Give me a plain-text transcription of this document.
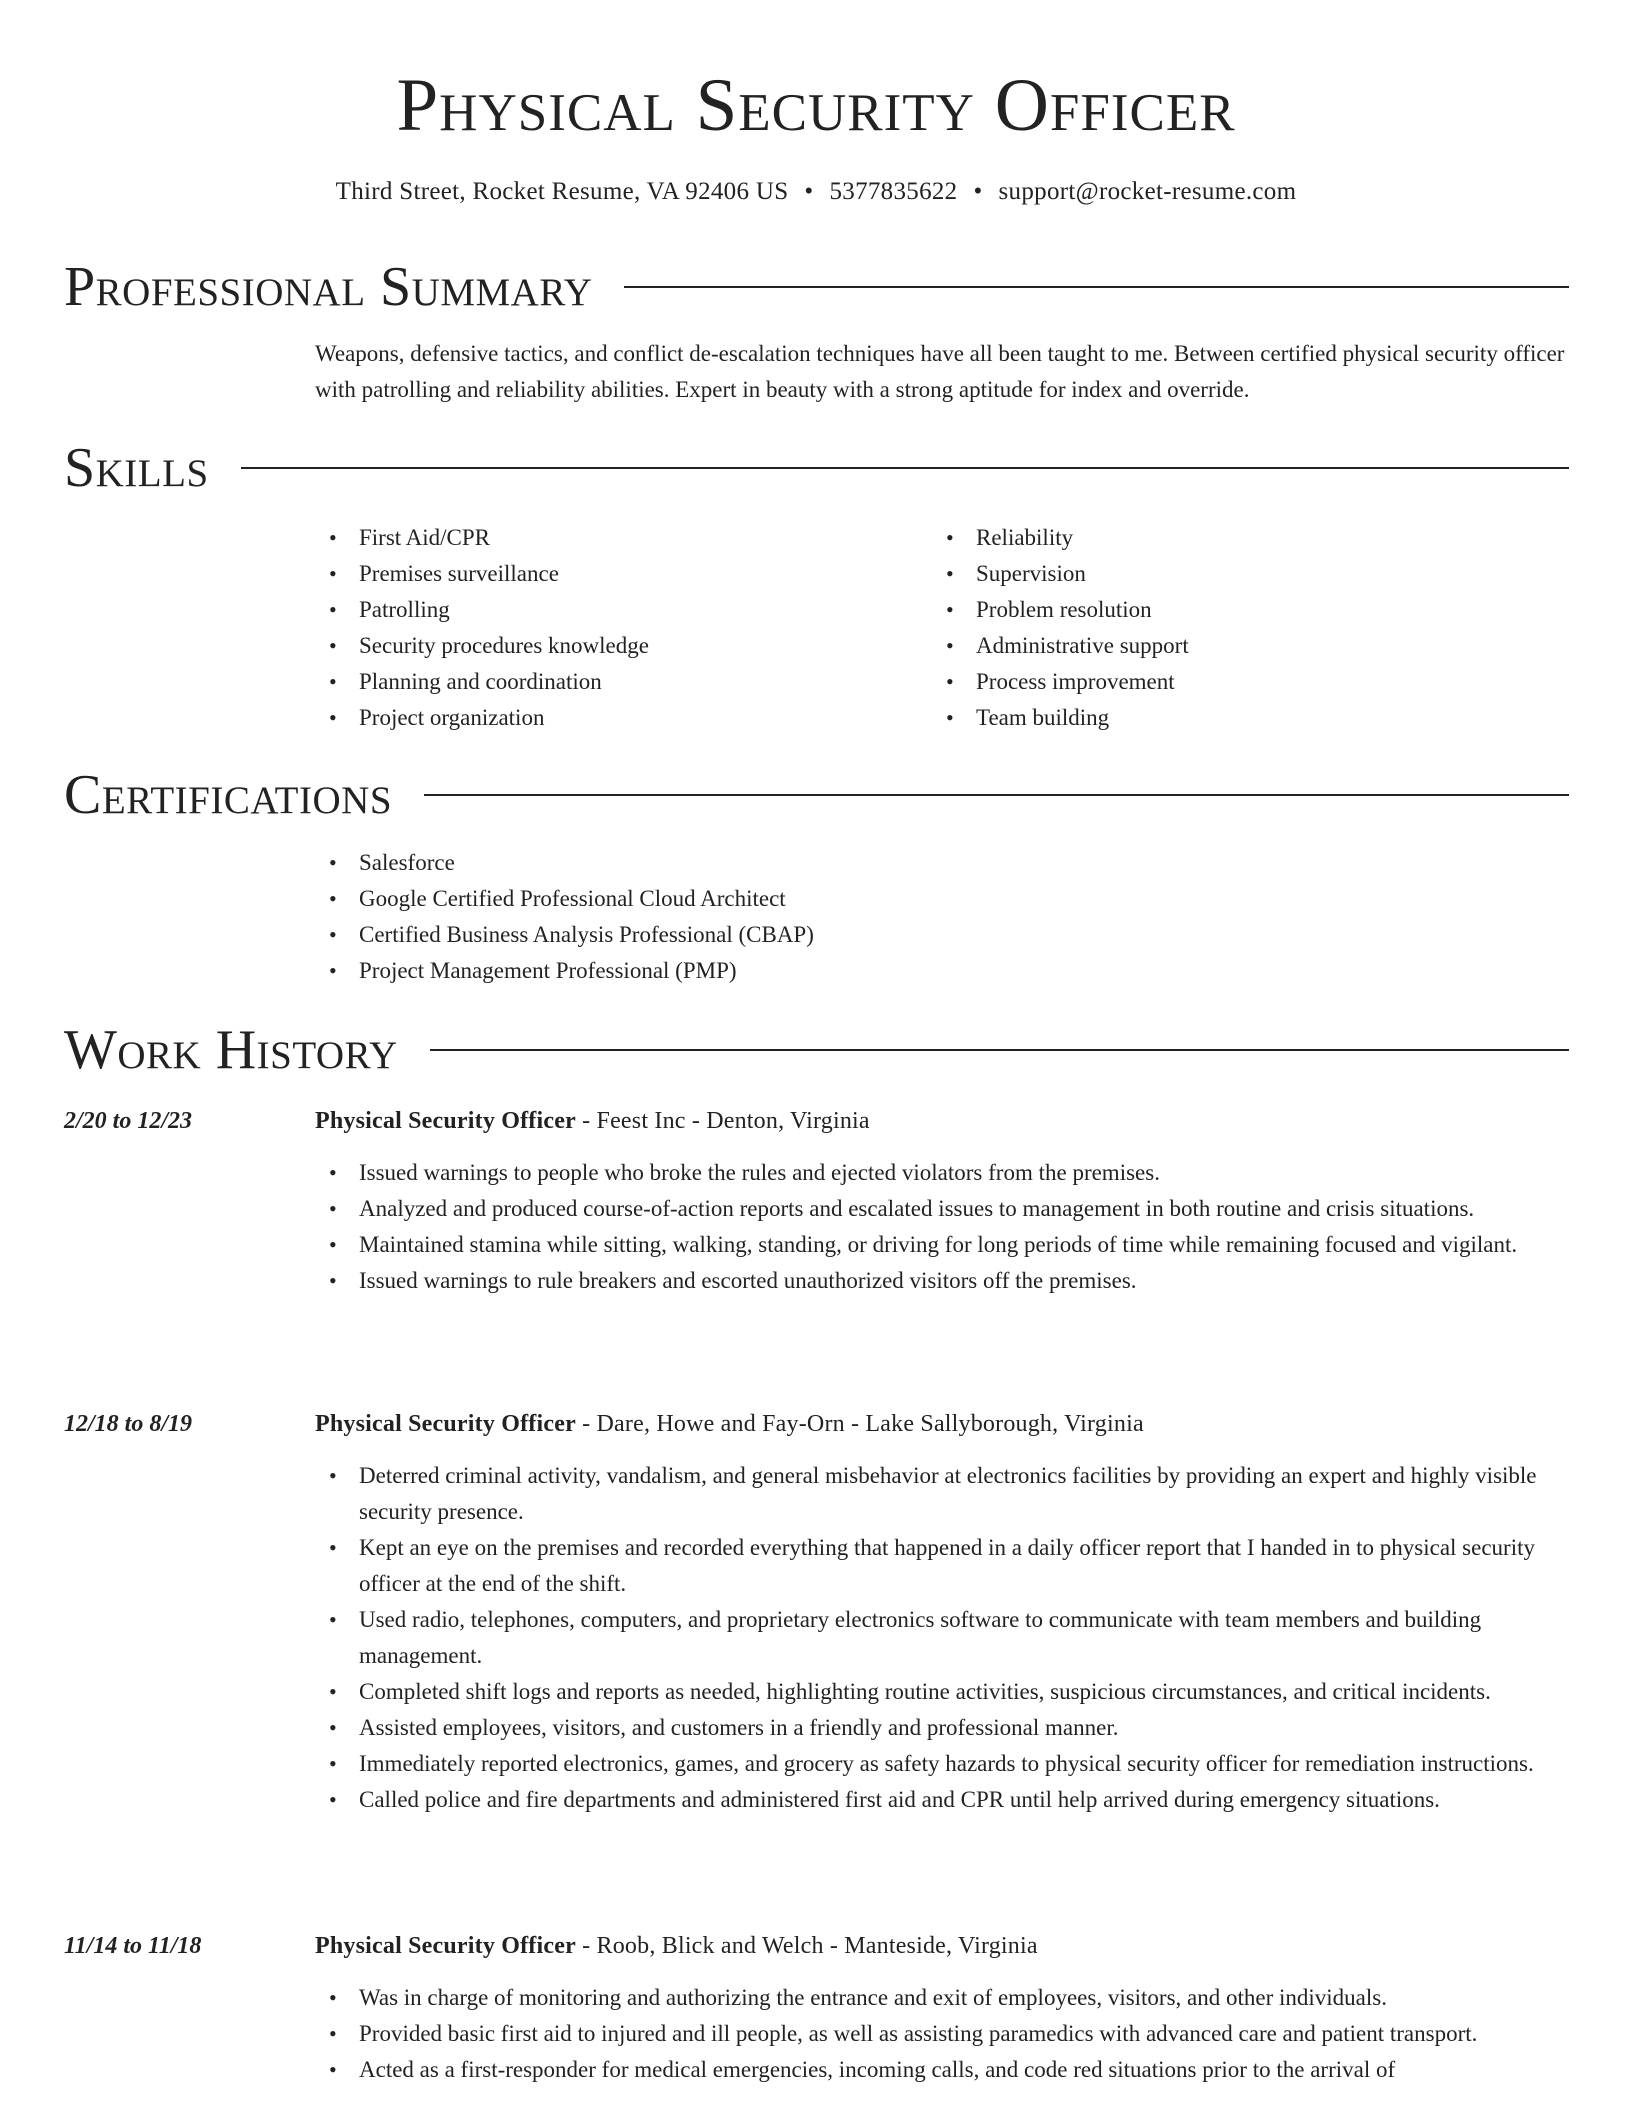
Physical Security Officer
Third Street, Rocket Resume, VA 92406 US • 5377835622 • support@rocket-resume.com
Professional Summary
Weapons, defensive tactics, and conflict de-escalation techniques have all been taught to me. Between certified physical security officer with patrolling and reliability abilities. Expert in beauty with a strong aptitude for index and override.
Skills
• First Aid/CPR
• Premises surveillance
• Patrolling
• Security procedures knowledge
• Planning and coordination
• Project organization
• Reliability
• Supervision
• Problem resolution
• Administrative support
• Process improvement
• Team building
Certifications
• Salesforce
• Google Certified Professional Cloud Architect
• Certified Business Analysis Professional (CBAP)
• Project Management Professional (PMP)
Work History
2/20 to 12/23	Physical Security Officer - Feest Inc - Denton, Virginia
• Issued warnings to people who broke the rules and ejected violators from the premises.
• Analyzed and produced course-of-action reports and escalated issues to management in both routine and crisis situations.
• Maintained stamina while sitting, walking, standing, or driving for long periods of time while remaining focused and vigilant.
• Issued warnings to rule breakers and escorted unauthorized visitors off the premises.
12/18 to 8/19	Physical Security Officer - Dare, Howe and Fay-Orn - Lake Sallyborough, Virginia
• Deterred criminal activity, vandalism, and general misbehavior at electronics facilities by providing an expert and highly visible security presence.
• Kept an eye on the premises and recorded everything that happened in a daily officer report that I handed in to physical security officer at the end of the shift.
• Used radio, telephones, computers, and proprietary electronics software to communicate with team members and building management.
• Completed shift logs and reports as needed, highlighting routine activities, suspicious circumstances, and critical incidents.
• Assisted employees, visitors, and customers in a friendly and professional manner.
• Immediately reported electronics, games, and grocery as safety hazards to physical security officer for remediation instructions.
• Called police and fire departments and administered first aid and CPR until help arrived during emergency situations.
11/14 to 11/18	Physical Security Officer - Roob, Blick and Welch - Manteside, Virginia
• Was in charge of monitoring and authorizing the entrance and exit of employees, visitors, and other individuals.
• Provided basic first aid to injured and ill people, as well as assisting paramedics with advanced care and patient transport.
• Acted as a first-responder for medical emergencies, incoming calls, and code red situations prior to the arrival of
